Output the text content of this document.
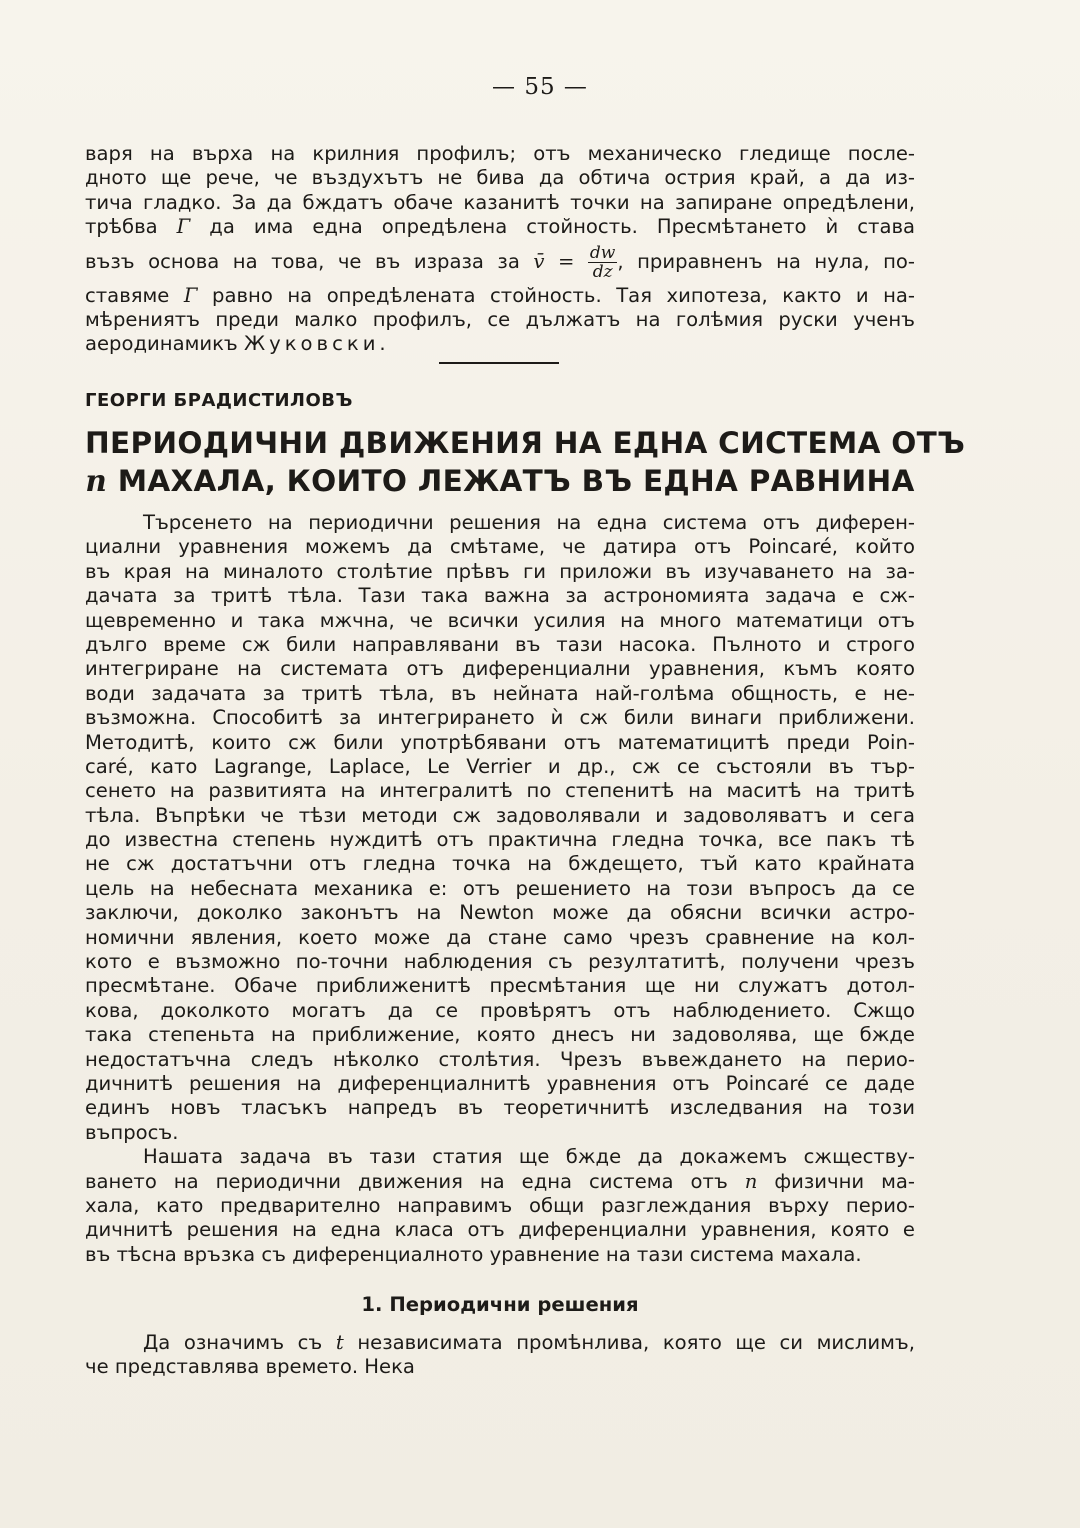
— 55 —
варя на върха на крилния профилъ; отъ механическо гледище после-
дното ще рече, че въздухътъ не бива да обтича острия край, а да из-
тича гладко. За да бждатъ обаче казанитѣ точки на запиране опредѣлени,
трѣбва Γ да има една опредѣлена стойность. Пресмѣтането ѝ става
възъ основа на това, че въ израза за v̄ = $\frac{dw}{dz}$ , приравненъ на нула, по-
ставяме Γ равно на опредѣлената стойность. Тая хипотеза, както и на-
мѣрениятъ преди малко профилъ, се дължатъ на голѣмия руски ученъ
аеродинамикъ Жуковски.
ГЕОРГИ БРАДИСТИЛОВЪ
ПЕРИОДИЧНИ ДВИЖЕНИЯ НА ЕДНА СИСТЕМА ОТЪ
n МАХАЛА, КОИТО ЛЕЖАТЪ ВЪ ЕДНА РАВНИНА
Търсенето на периодични решения на една система отъ диферен-
циални уравнения можемъ да смѣтаме, че датира отъ Poincaré, който
въ края на миналото столѣтие прѣвъ ги приложи въ изучаването на за-
дачата за тритѣ тѣла. Тази така важна за астрономията задача е сж-
щевременно и така мжчна, че всички усилия на много математици отъ
дълго време сж били направлявани въ тази насока. Пълното и строго
интегриране на системата отъ диференциални уравнения, къмъ която
води задачата за тритѣ тѣла, въ нейната най-голѣма общность, е не-
възможна. Способитѣ за интегрирането ѝ сж били винаги приближени.
Методитѣ, които сж били употрѣбявани отъ математицитѣ преди Poin-
caré, като Lagrange, Laplace, Le Verrier и др., сж се състояли въ тър-
сенето на развитията на интегралитѣ по степенитѣ на маситѣ на тритѣ
тѣла. Въпрѣки че тѣзи методи сж задоволявали и задоволяватъ и сега
до известна степень нуждитѣ отъ практична гледна точка, все пакъ тѣ
не сж достатъчни отъ гледна точка на бждещето, тъй като крайната
цель на небесната механика е: отъ решението на този въпросъ да се
заключи, доколко законътъ на Newton може да обясни всички астро-
номични явления, което може да стане само чрезъ сравнение на кол-
кото е възможно по-точни наблюдения съ резултатитѣ, получени чрезъ
пресмѣтане. Обаче приближенитѣ пресмѣтания ще ни служатъ дотол-
кова, доколкото могатъ да се провѣрятъ отъ наблюдението. Сжщо
така степеньта на приближение, която днесъ ни задоволява, ще бжде
недостатъчна следъ нѣколко столѣтия. Чрезъ въвеждането на перио-
дичнитѣ решения на диференциалнитѣ уравнения отъ Poincaré се даде
единъ новъ тласъкъ напредъ въ теоретичнитѣ изследвания на този
въпросъ.
Нашата задача въ тази статия ще бжде да докажемъ сжществу-
ването на периодични движения на една система отъ n физични ма-
хала, като предварително направимъ общи разглеждания върху перио-
дичнитѣ решения на една класа отъ диференциални уравнения, която е
въ тѣсна връзка съ диференциалното уравнение на тази система махала.
1. Периодични решения
Да означимъ съ t независимата промѣнлива, която ще си мислимъ,
че представлява времето. Нека
